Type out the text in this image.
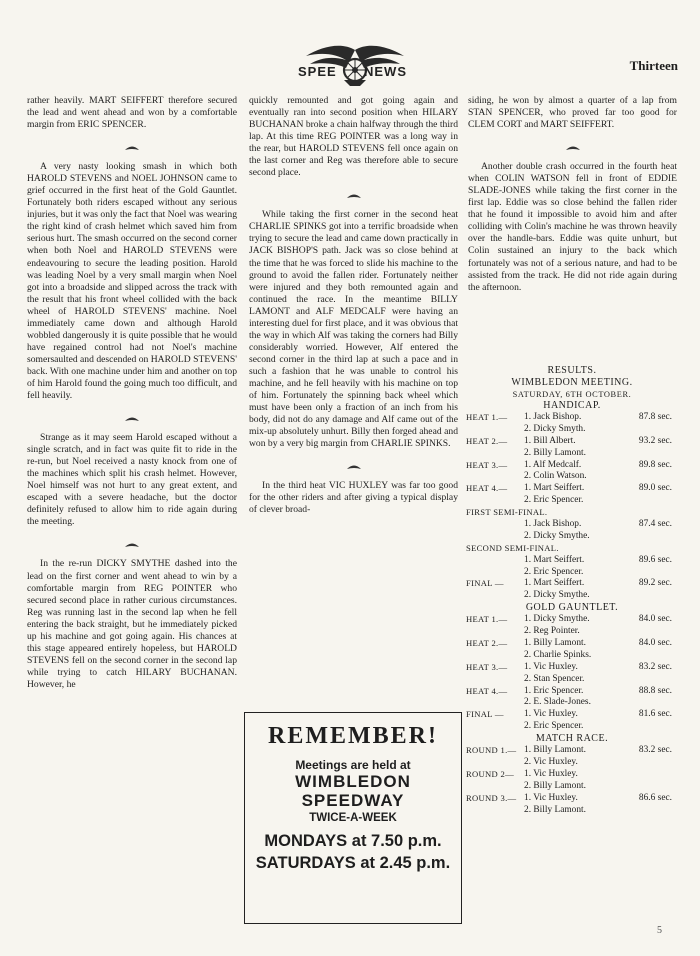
SPEE NEWS	Thirteen

rather heavily. MART SEIFFERT therefore secured the lead and went ahead and won by a comfortable margin from ERIC SPENCER.

A very nasty looking smash in which both HAROLD STEVENS and NOEL JOHNSON came to grief occurred in the first heat of the Gold Gauntlet. Fortunately both riders escaped without any serious injuries, but it was only the fact that Noel was wearing the right kind of crash helmet which saved him from serious hurt. The smash occurred on the second corner when both Noel and HAROLD STEVENS were endeavouring to secure the leading position. Harold was leading Noel by a very small margin when Noel got into a broadside and slipped across the track with the result that his front wheel collided with the back wheel of HAROLD STEVENS' machine. Noel immediately came down and although Harold wobbled dangerously it is quite possible that he would have regained control had not Noel's machine somersaulted and descended on HAROLD STEVENS' back. With one machine under him and another on top of him Harold found the going much too difficult, and fell heavily.

Strange as it may seem Harold escaped without a single scratch, and in fact was quite fit to ride in the re-run, but Noel received a nasty knock from one of the machines which split his crash helmet. However, Noel himself was not hurt to any great extent, and escaped with a severe headache, but the doctor definitely refused to allow him to ride again during the meeting.

In the re-run DICKY SMYTHE dashed into the lead on the first corner and went ahead to win by a comfortable margin from REG POINTER who secured second place in rather curious circumstances. Reg was running last in the second lap when he fell entering the back straight, but he immediately picked up his machine and got going again. His chances at this stage appeared entirely hopeless, but HAROLD STEVENS fell on the second corner in the second lap while trying to catch HILARY BUCHANAN. However, he

quickly remounted and got going again and eventually ran into second position when HILARY BUCHANAN broke a chain halfway through the third lap. At this time REG POINTER was a long way in the rear, but HAROLD STEVENS fell once again on the last corner and Reg was therefore able to secure second place.

While taking the first corner in the second heat CHARLIE SPINKS got into a terrific broadside when trying to secure the lead and came down practically in JACK BISHOP'S path. Jack was so close behind at the time that he was forced to slide his machine to the ground to avoid the fallen rider. Fortunately neither were injured and they both remounted again and continued the race. In the meantime BILLY LAMONT and ALF MEDCALF were having an interesting duel for first place, and it was obvious that the way in which Alf was taking the corners had Billy considerably worried. However, Alf entered the second corner in the third lap at such a pace and in such a fashion that he was unable to control his machine, and he fell heavily with his machine on top of him. Fortunately the spinning back wheel which must have been only a fraction of an inch from his body, did not do any damage and Alf came out of the mix-up absolutely unhurt. Billy then forged ahead and won by a very big margin from CHARLIE SPINKS.

In the third heat VIC HUXLEY was far too good for the other riders and after giving a typical display of clever broad-

REMEMBER!
Meetings are held at
WIMBLEDON
SPEEDWAY
TWICE-A-WEEK
MONDAYS at 7.50 p.m.
SATURDAYS at 2.45 p.m.

siding, he won by almost a quarter of a lap from STAN SPENCER, who proved far too good for CLEM CORT and MART SEIFFERT.

Another double crash occurred in the fourth heat when COLIN WATSON fell in front of EDDIE SLADE-JONES while taking the first corner in the first lap. Eddie was so close behind the fallen rider that he found it impossible to avoid him and after colliding with Colin's machine he was thrown heavily over the handle-bars. Eddie was quite unhurt, but Colin sustained an injury to the back which fortunately was not of a serious nature, and had to be assisted from the track. He did not ride again during the afternoon.

RESULTS.
WIMBLEDON MEETING.
SATURDAY, 6TH OCTOBER.
HANDICAP.
HEAT 1.— 1. Jack Bishop.	87.8 sec.
2. Dicky Smyth.
HEAT 2.— 1. Bill Albert.	93.2 sec.
2. Billy Lamont.
HEAT 3.— 1. Alf Medcalf.	89.8 sec.
2. Colin Watson.
HEAT 4.— 1. Mart Seiffert.	89.0 sec.
2. Eric Spencer.
FIRST SEMI-FINAL.
1. Jack Bishop.	87.4 sec.
2. Dicky Smythe.
SECOND SEMI-FINAL.
1. Mart Seiffert.	89.6 sec.
2. Eric Spencer.
FINAL — 1. Mart Seiffert.	89.2 sec.
2. Dicky Smythe.
GOLD GAUNTLET.
HEAT 1.— 1. Dicky Smythe.	84.0 sec.
2. Reg Pointer.
HEAT 2.— 1. Billy Lamont.	84.0 sec.
2. Charlie Spinks.
HEAT 3.— 1. Vic Huxley.	83.2 sec.
2. Stan Spencer.
HEAT 4.— 1. Eric Spencer.	88.8 sec.
2. E. Slade-Jones.
FINAL — 1. Vic Huxley.	81.6 sec.
2. Eric Spencer.
MATCH RACE.
ROUND 1.— 1. Billy Lamont.	83.2 sec.
2. Vic Huxley.
ROUND 2— 1. Vic Huxley.
2. Billy Lamont.
ROUND 3.— 1. Vic Huxley.	86.6 sec.
2. Billy Lamont.
5
